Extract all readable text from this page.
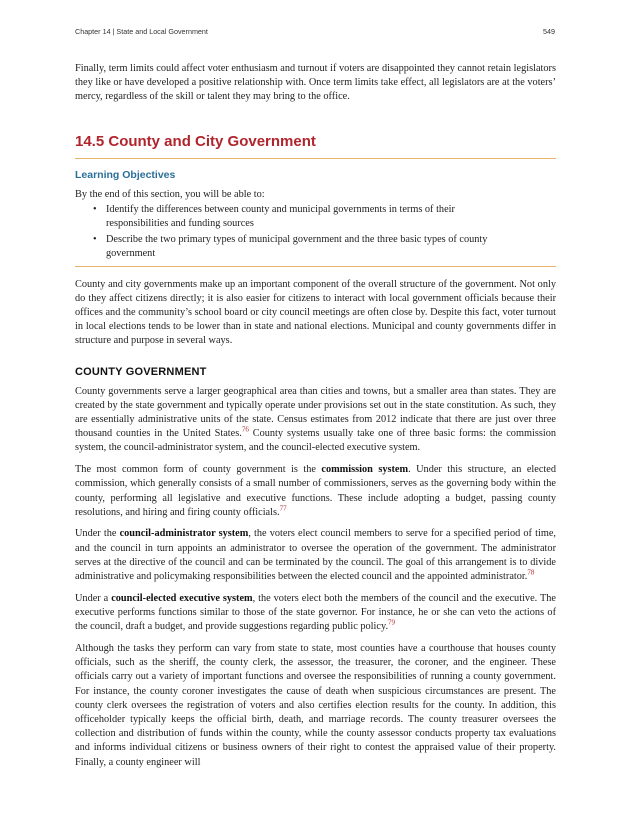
Chapter 14 | State and Local Government	549

Finally, term limits could affect voter enthusiasm and turnout if voters are disappointed they cannot retain legislators they like or have developed a positive relationship with. Once term limits take effect, all legislators are at the voters’ mercy, regardless of the skill or talent they may bring to the office.

14.5 County and City Government
Learning Objectives

By the end of this section, you will be able to:

• Identify the differences between county and municipal governments in terms of their responsibilities and funding sources
• Describe the two primary types of municipal government and the three basic types of county government

County and city governments make up an important component of the overall structure of the government. Not only do they affect citizens directly; it is also easier for citizens to interact with local government officials because their offices and the community’s school board or city council meetings are often close by. Despite this fact, voter turnout in local elections tends to be lower than in state and national elections. Municipal and county governments differ in structure and purpose in several ways.

COUNTY GOVERNMENT

County governments serve a larger geographical area than cities and towns, but a smaller area than states. They are created by the state government and typically operate under provisions set out in the state constitution. As such, they are essentially administrative units of the state. Census estimates from 2012 indicate that there are just over three thousand counties in the United States.$^{76}$ County systems usually take one of three basic forms: the commission system, the council-administrator system, and the council-elected executive system.

The most common form of county government is the commission system. Under this structure, an elected commission, which generally consists of a small number of commissioners, serves as the governing body within the county, performing all legislative and executive functions. These include adopting a budget, passing county resolutions, and hiring and firing county officials.$^{77}$

Under the council-administrator system, the voters elect council members to serve for a specified period of time, and the council in turn appoints an administrator to oversee the operation of the government. The administrator serves at the directive of the council and can be terminated by the council. The goal of this arrangement is to divide administrative and policymaking responsibilities between the elected council and the appointed administrator.$^{78}$

Under a council-elected executive system, the voters elect both the members of the council and the executive. The executive performs functions similar to those of the state governor. For instance, he or she can veto the actions of the council, draft a budget, and provide suggestions regarding public policy.$^{79}$

Although the tasks they perform can vary from state to state, most counties have a courthouse that houses county officials, such as the sheriff, the county clerk, the assessor, the treasurer, the coroner, and the engineer. These officials carry out a variety of important functions and oversee the responsibilities of running a county government. For instance, the county coroner investigates the cause of death when suspicious circumstances are present. The county clerk oversees the registration of voters and also certifies election results for the county. In addition, this officeholder typically keeps the official birth, death, and marriage records. The county treasurer oversees the collection and distribution of funds within the county, while the county assessor conducts property tax evaluations and informs individual citizens or business owners of their right to contest the appraised value of their property. Finally, a county engineer will
